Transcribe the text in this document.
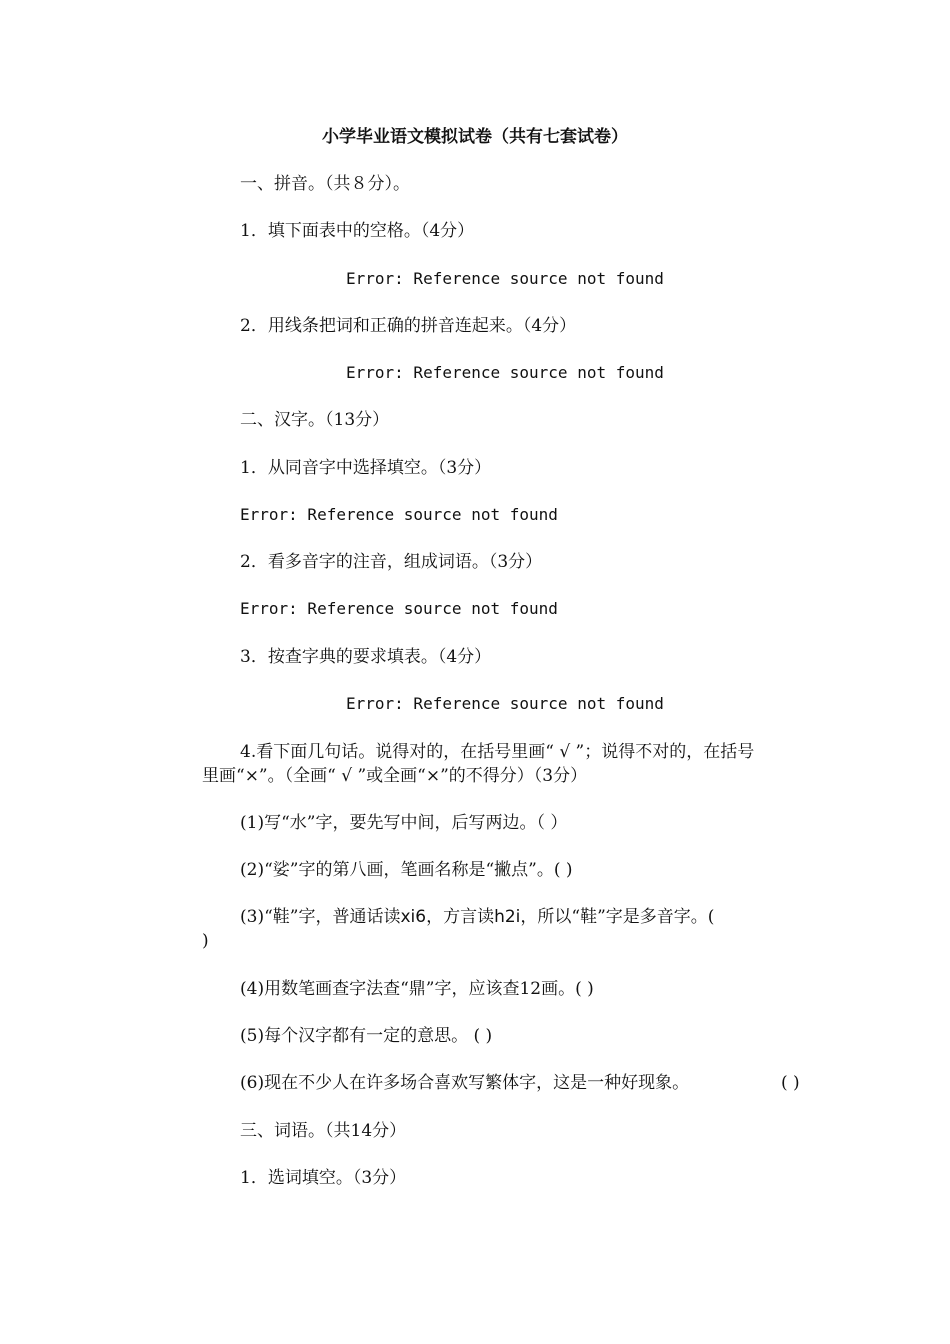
小学毕业语文模拟试卷（共有七套试卷）
一、拼音。（共８分）。
1．填下面表中的空格。（4分）
Error: Reference source not found
2．用线条把词和正确的拼音连起来。（4分）
Error: Reference source not found
二、汉字。（13分）
1．从同音字中选择填空。（3分）
Error: Reference source not found
2．看多音字的注音，组成词语。（3分）
Error: Reference source not found
3．按查字典的要求填表。（4分）
Error: Reference source not found
4.看下面几句话。说得对的，在括号里画“ √ ”；说得不对的，在括号
里画“×”。（全画“ √ ”或全画“×”的不得分）（3分）
(1)写“水”字，要先写中间，后写两边。（ ）
(2)“娑”字的第八画，笔画名称是“撇点”。( )
(3)“鞋”字，普通话读xi6，方言读h2i，所以“鞋”字是多音字。(
)
(4)用数笔画查字法查“鼎”字，应该查12画。( )
(5)每个汉字都有一定的意思。 ( )
(6)现在不少人在许多场合喜欢写繁体字，这是一种好现象。	( )
三、词语。（共14分）
1．选词填空。（3分）
